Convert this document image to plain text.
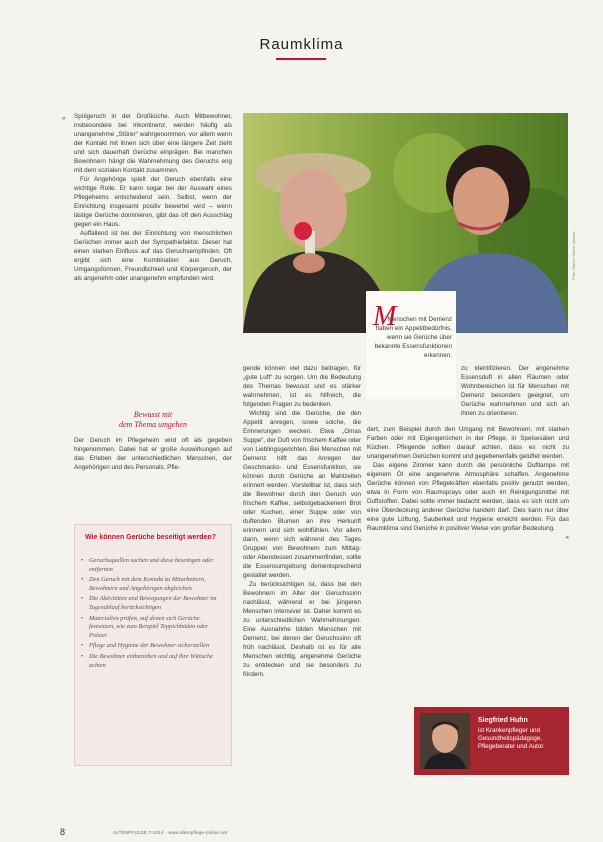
Raumklima
» Spülgeruch in der Großküche. Auch Mitbewohner, insbesondere bei Inkontinenz, werden häufig als unangenehme „Störer“ wahrgenommen, vor allem wenn der Kontakt mit ihnen sich über eine längere Zeit zieht und sich dauerhaft Gerüche einprägen. Bei manchen Bewohnern hängt die Wahrnehmung des Geruchs eng mit dem sozialen Kontakt zusammen.

Für Angehörige spielt der Geruch ebenfalls eine wichtige Rolle. Er kann sogar bei der Auswahl eines Pflegeheims entscheidend sein. Selbst, wenn der Einrichtung insgesamt positiv bewertet wird – wenn lästige Gerüche dominieren, gibt das oft den Ausschlag gegen ein Haus.

Auffallend ist bei der Einrichtung von menschlichen Gerüchen immer auch der Sympathiefaktor. Dieser hat einen starken Einfluss auf das Geruchsempfinden. Oft ergibt sich eine Kombination aus Geruch, Umgangsformen, Freundlichkeit und Körpergeruch, der als angenehm oder unangenehm empfunden wird.

Bewusst mit
dem Thema umgehen

Der Geruch im Pflegeheim wird oft als gegeben hingenommen. Dabei hat er große Auswirkungen auf das Erleben der unterschiedlichen Menschen, der Angehörigen und des Personals. Pfle-

Foto: Rainer Sturm / pixelio
M
Menschen mit Demenz haben ein Appetitbedürfnis, wenn sie Gerüche über bekannte Essensfunktionen erkennen.

gende können viel dazu beitragen, für „gute Luft“ zu sorgen. Um die Bedeutung des Themas bewusst und es stärker wahrnehmen, ist es hilfreich, die folgenden Fragen zu bedenken.

Wichtig sind die Gerüche, die den Appetit anregen, sowie solche, die Erinnerungen wecken. Etwa „Omas Suppe“, der Duft von frischem Kaffee oder von Lieblingsgerichten. Bei Menschen mit Demenz hilft das Anregen der Geschmacks- und Essensfunktion, sie können durch Gerüche an Mahlzeiten erinnert werden. Vorstellbar ist, dass sich die Bewohner durch den Geruch von frischem Kaffee, selbstgebackenem Brot oder Kuchen, einer Suppe oder von duftenden Blumen an ihre Herkunft erinnern und sich wohlfühlen. Vor allem dann, wenn sich während des Tages Gruppen von Bewohnern zum Mittag- oder Abendessen zusammenfinden, sollte die Essensumgebung dementsprechend gestaltet werden.

Zu berücksichtigen ist, dass bei den Bewohnern im Alter der Geruchssinn nachlässt, während er bei jüngeren Menschen intensiver ist. Daher kommt es zu unterschiedlichen Wahrnehmungen. Eine Ausnahme bilden Menschen mit Demenz, bei denen der Geruchssinn oft früh nachlässt. Deshalb ist es für alle Menschen wichtig, angenehme Gerüche zu entdecken und sie besonders zu fördern.

zu identifizieren. Der angenehme Essensduft in allen Räumen oder Wohnbereichen ist für Menschen mit Demenz besonders geeignet, um Gerüche wahrnehmen und sich an ihnen zu orientieren.

dert, zum Beispiel durch den Umgang mit Bewohnern, mit starken Farben oder mit Eigengerüchen in der Pflege, in Speisesälen und Küchen. Pflegende sollten darauf achten, dass es nicht zu unangenehmen Gerüchen kommt und gegebenenfalls gelüftet werden.

Das eigene Zimmer kann durch die persönliche Duftlampe mit eigenem Öl eine angenehme Atmosphäre schaffen. Angenehme Gerüche können von Pflegekräften ebenfalls positiv genutzt werden, etwa in Form von Raumsprays oder auch im Reinigungsmittel mit Duftstoffen. Dabei sollte immer bedacht werden, dass es sich nicht um eine Überdeckung anderer Gerüche handeln darf. Dies kann nur über eine gute Lüftung, Sauberkeit und Hygiene erreicht werden. Für das Raumklima sind Gerüche in positiver Weise von großer Bedeutung.

«

Wie können Gerüche beseitigt werden?
• Geruchsquellen suchen und diese beseitigen oder entfernen
• Den Geruch mit dem Kontakt zu Mitarbeitern, Bewohnern und Angehörigen abgleichen
• Die Aktivitäten und Bewegungen der Bewohner im Tagesablauf berücksichtigen
• Materialien prüfen, auf denen sich Gerüche festsetzen, wie zum Beispiel Teppichböden oder Polster
• Pflege und Hygiene der Bewohner sicherstellen
• Die Bewohner einbeziehen und auf ihre Wünsche achten
Siegfried Huhn
ist Krankenpfleger und Gesundheitspädagoge, Pflegeberater und Autor.
8	ALTENPFLEGE 7-2014 · www.altenpflege-online.net
